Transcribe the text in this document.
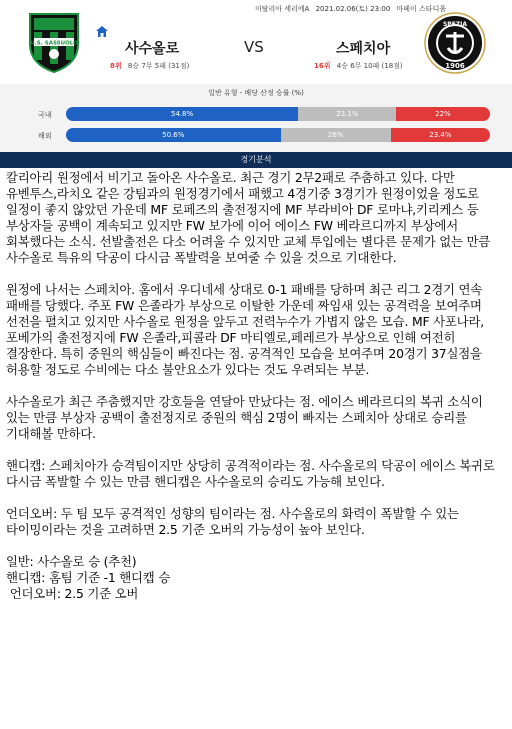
이탈리아 세리에A 2021.02.06(토) 23:00 마페이 스타디움
U.S. SASSUOLO	사수올로	VS	스페치아
8위 8승 7무 5패 (31점)	16위 4승 6무 10패 (18점)
SPEZIA
1906
일반 유형 - 배당 산정 승률 (%)
국내	54.8%	23.1%	22%
해외	50.6%	26%	23.4%
경기분석

칼리아리 원정에서 비기고 돌아온 사수올로. 최근 경기 2무2패로 주춤하고 있다. 다만 유벤투스,라치오 같은 강팀과의 원정경기에서 패했고 4경기중 3경기가 원정이었을 정도로 일정이 좋지 않았던 가운데 MF 로페즈의 출전정지에 MF 부라비아 DF 로마냐,키리케스 등 부상자들 공백이 계속되고 있지만 FW 보가에 이어 에이스 FW 베라르디까지 부상에서 회복했다는 소식. 선발출전은 다소 어려울 수 있지만 교체 투입에는 별다른 문제가 없는 만큼 사수올로 특유의 닥공이 다시금 폭발력을 보여줄 수 있을 것으로 기대한다.

원정에 나서는 스페치아. 홈에서 우디네세 상대로 0-1 패배를 당하며 최근 리그 2경기 연속 패배를 당했다. 주포 FW 은졸라가 부상으로 이탈한 가운데 짜임새 있는 공격력을 보여주며 선전을 펼치고 있지만 사수올로 원정을 앞두고 전력누수가 가볍지 않은 모습. MF 사포나라,포베가의 출전정지에 FW 은졸라,피콜라 DF 마티엘로,페레르가 부상으로 인해 여전히 결장한다. 특히 중원의 핵심들이 빠진다는 점. 공격적인 모습을 보여주며 20경기 37실점을 허용할 정도로 수비에는 다소 불안요소가 있다는 것도 우려되는 부분.

사수올로가 최근 주춤했지만 강호들을 연달아 만났다는 점. 에이스 베라르디의 복귀 소식이 있는 만큼 부상자 공백이 출전정지로 중원의 핵심 2명이 빠지는 스페치아 상대로 승리를 기대해볼 만하다.

핸디캡: 스페치아가 승격팀이지만 상당히 공격적이라는 점. 사수올로의 닥공이 에이스 복귀로 다시금 폭발할 수 있는 만큼 핸디캡은 사수올로의 승리도 가능해 보인다.

언더오버: 두 팀 모두 공격적인 성향의 팀이라는 점. 사수올로의 화력이 폭발할 수 있는 타이밍이라는 것을 고려하면 2.5 기준 오버의 가능성이 높아 보인다.

일반: 사수올로 승 (추천)

핸디캡: 홈팀 기준 -1 핸디캡 승

언더오버: 2.5 기준 오버
